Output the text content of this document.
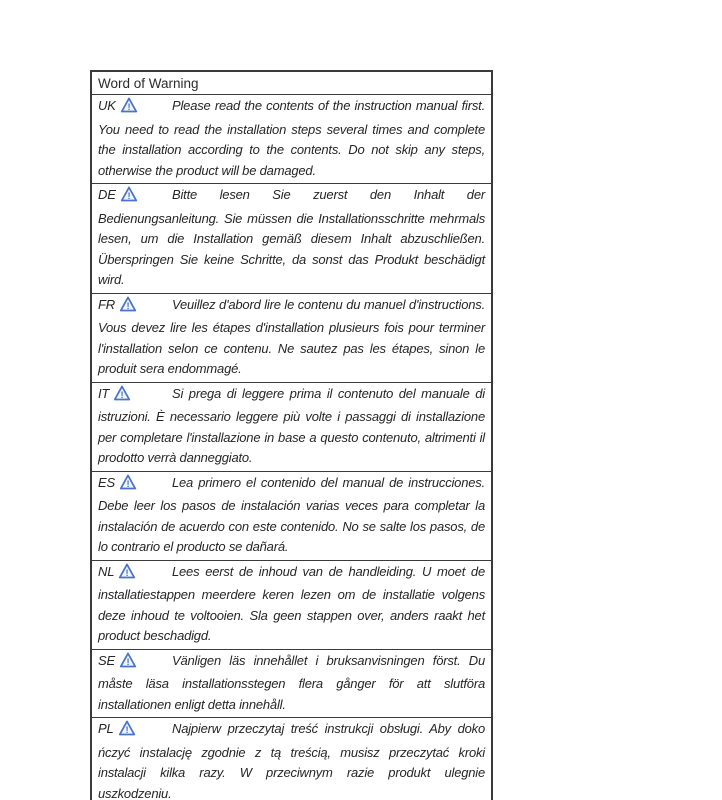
Word of Warning
UK !	Please read the contents of the instruction manual first. You need to read the installation steps several times and complete the installation according to the contents. Do not skip any steps, otherwise the product will be damaged.
DE !	Bitte lesen Sie zuerst den Inhalt der Bedienungsanleitung. Sie müssen die Installationsschritte mehrmals lesen, um die Installation gemäß diesem Inhalt abzuschließen. Überspringen Sie keine Schritte, da sonst das Produkt beschädigt wird.
FR !	Veuillez d'abord lire le contenu du manuel d'instructions. Vous devez lire les étapes d'installation plusieurs fois pour terminer l'installation selon ce contenu. Ne sautez pas les étapes, sinon le produit sera endommagé.
IT !	Si prega di leggere prima il contenuto del manuale di istruzioni. È necessario leggere più volte i passaggi di installazione per completare l'installazione in base a questo contenuto, altrimenti il prodotto verrà danneggiato.
ES !	Lea primero el contenido del manual de instrucciones. Debe leer los pasos de instalación varias veces para completar la instalación de acuerdo con este contenido. No se salte los pasos, de lo contrario el producto se dañará.
NL !	Lees eerst de inhoud van de handleiding. U moet de installatiestappen meerdere keren lezen om de installatie volgens deze inhoud te voltooien. Sla geen stappen over, anders raakt het product beschadigd.
SE !	Vänligen läs innehållet i bruksanvisningen först. Du måste läsa installationsstegen flera gånger för att slutföra installationen enligt detta innehåll.
PL !	Najpierw przeczytaj treść instrukcji obsługi. Aby doko ńczyć instalację zgodnie z tą treścią, musisz przeczytać kroki instalacji kilka razy. W przeciwnym razie produkt ulegnie uszkodzeniu.
